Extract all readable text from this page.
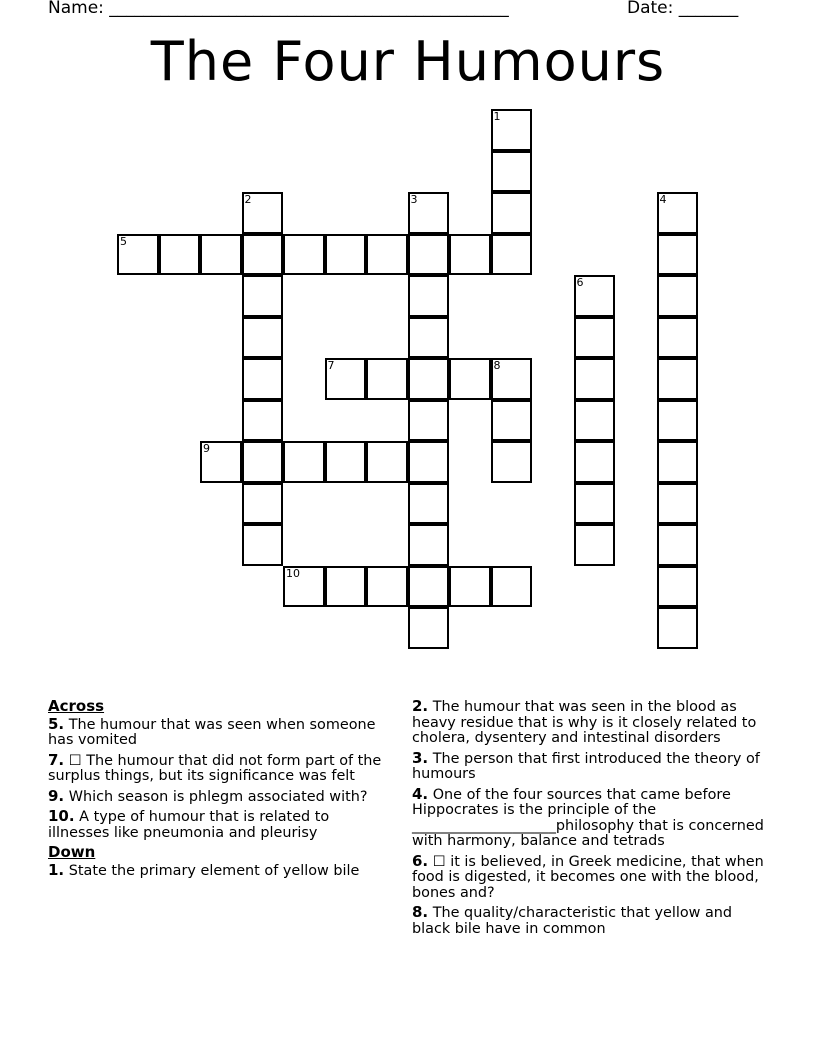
Name: _______________________________________________	Date: _______
The Four Humours
1
2	3	4
5
6
7	8
9
10
Across
5. The humour that was seen when someone has vomited
7. ☐ The humour that did not form part of the surplus things, but its significance was felt
9. Which season is phlegm associated with?
10. A type of humour that is related to illnesses like pneumonia and pleurisy
Down
1. State the primary element of yellow bile
2. The humour that was seen in the blood as heavy residue that is why is it closely related to cholera, dysentery and intestinal disorders
3. The person that first introduced the theory of humours
4. One of the four sources that came before Hippocrates is the principle of the ____________________philosophy that is concerned with harmony, balance and tetrads
6. ☐ it is believed, in Greek medicine, that when food is digested, it becomes one with the blood, bones and?
8. The quality/characteristic that yellow and black bile have in common
